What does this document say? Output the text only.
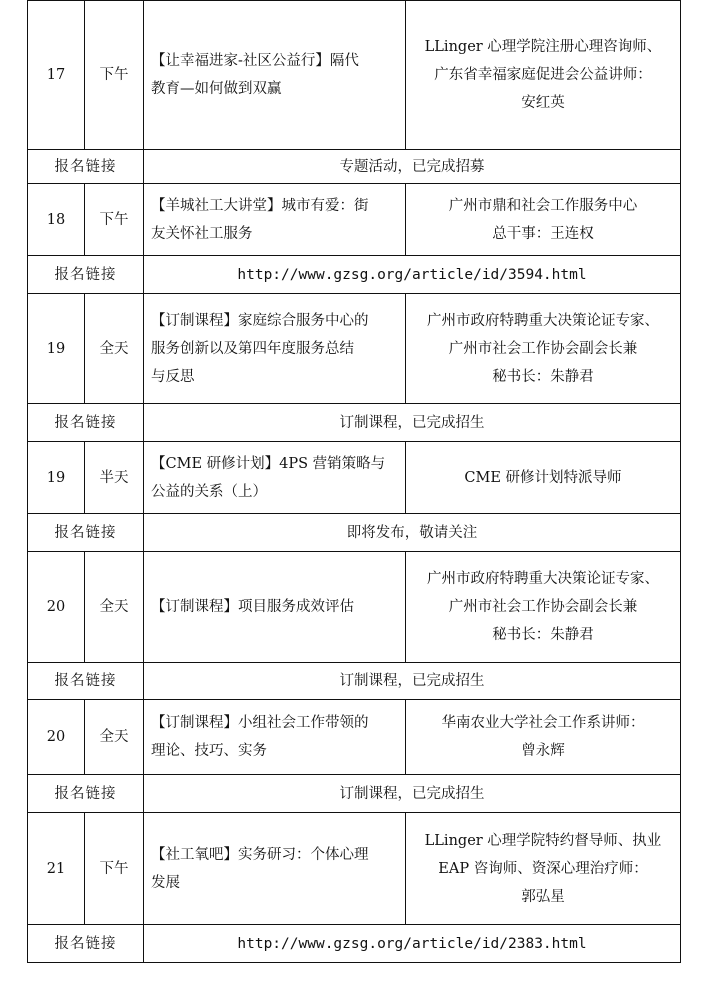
17	下午	【让幸福进家-社区公益行】隔代
教育—如何做到双赢	LLinger 心理学院注册心理咨询师、
广东省幸福家庭促进会公益讲师：
安红英

报名链接		专题活动，已完成招募	
18	下午	【羊城社工大讲堂】城市有爱：街
友关怀社工服务	广州市鼎和社会工作服务中心
总干事：王连权

报名链接		http://www.gzsg.org/article/id/3594.html	
19	全天	【订制课程】家庭综合服务中心的
服务创新以及第四年度服务总结
与反思	广州市政府特聘重大决策论证专家、
广州市社会工作协会副会长兼
秘书长：朱静君

报名链接		订制课程，已完成招生	
19	半天	【CME 研修计划】4PS 营销策略与
公益的关系（上）	CME 研修计划特派导师

报名链接		即将发布，敬请关注	
20	全天	【订制课程】项目服务成效评估	广州市政府特聘重大决策论证专家、
广州市社会工作协会副会长兼
秘书长：朱静君

报名链接		订制课程，已完成招生	
20	全天	【订制课程】小组社会工作带领的
理论、技巧、实务	华南农业大学社会工作系讲师：
曾永辉

报名链接		订制课程，已完成招生	
21	下午	【社工氧吧】实务研习：个体心理
发展	LLinger 心理学院特约督导师、执业
EAP 咨询师、资深心理治疗师：
郭弘星

报名链接		http://www.gzsg.org/article/id/2383.html	
